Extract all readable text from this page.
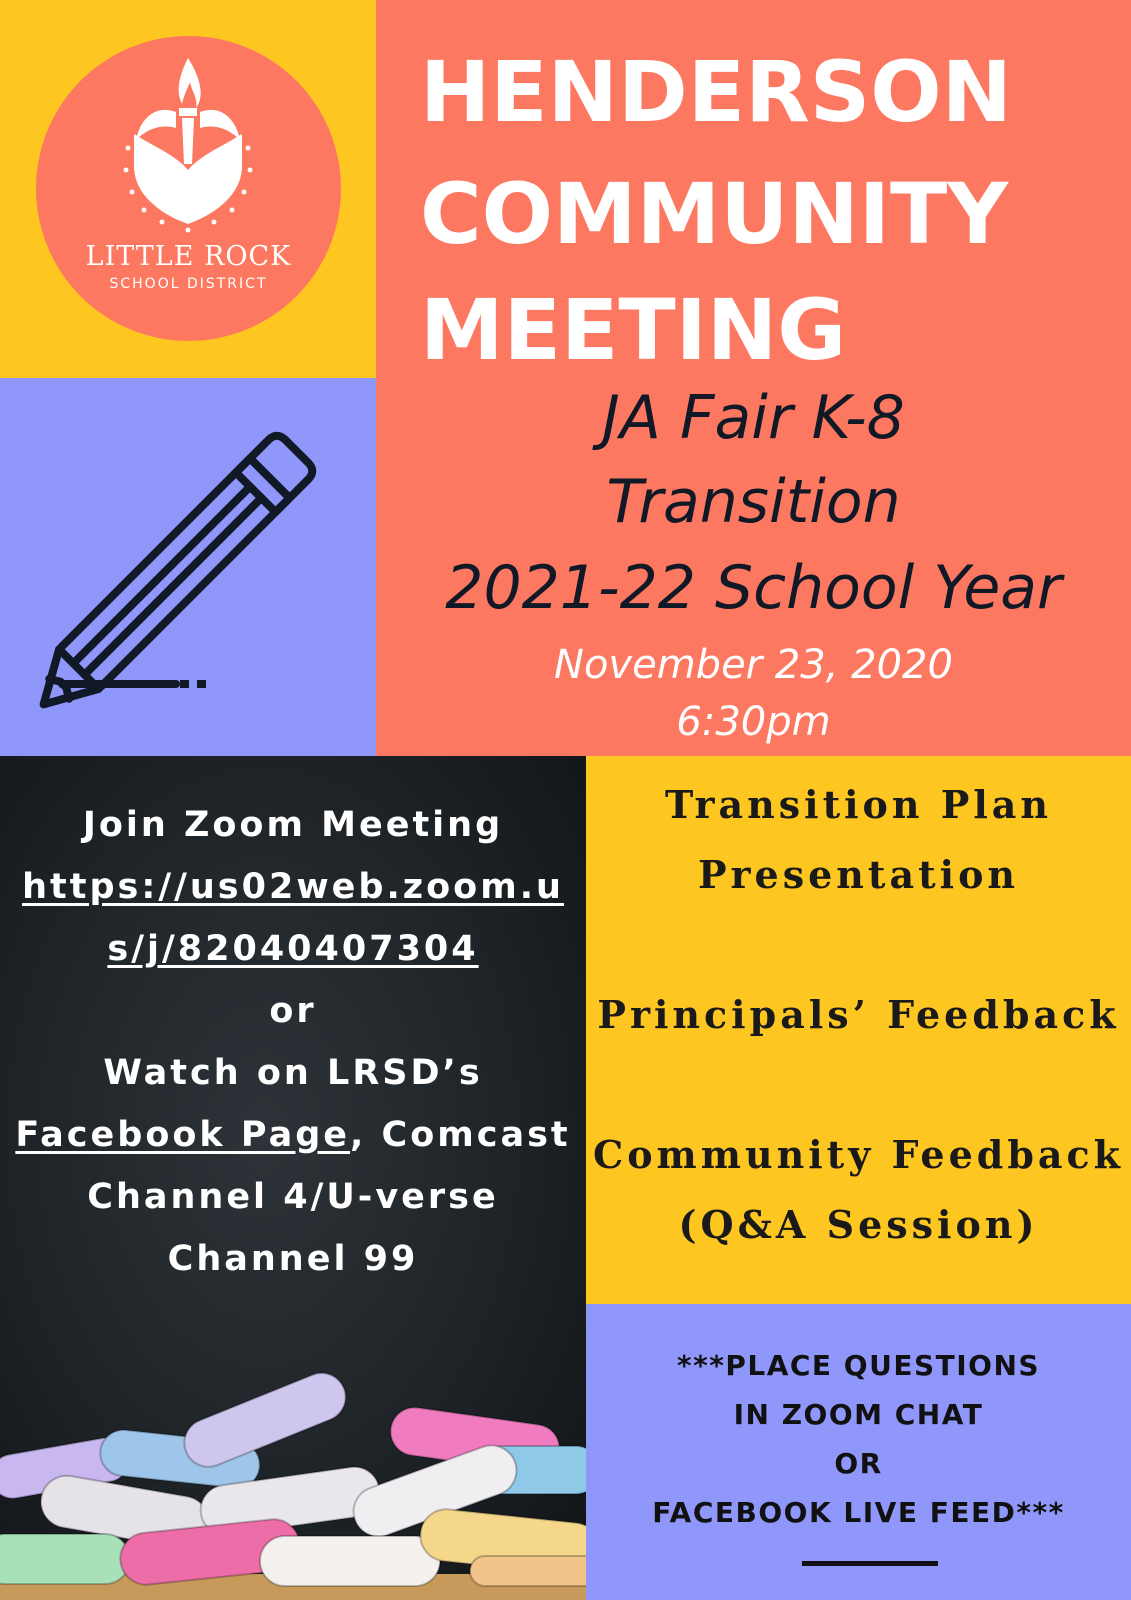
LITTLE ROCK
SCHOOL DISTRICT
HENDERSON
COMMUNITY
MEETING
JA Fair K-8
Transition
2021-22 School Year
November 23, 2020
6:30pm
Join Zoom Meeting
https://us02web.zoom.u
s/j/82040407304
or
Watch on LRSD’s
Facebook Page, Comcast
Channel 4/U-verse
Channel 99
Transition Plan
Presentation
Principals’ Feedback
Community Feedback
(Q&A Session)
***PLACE QUESTIONS
IN ZOOM CHAT
OR
FACEBOOK LIVE FEED***
